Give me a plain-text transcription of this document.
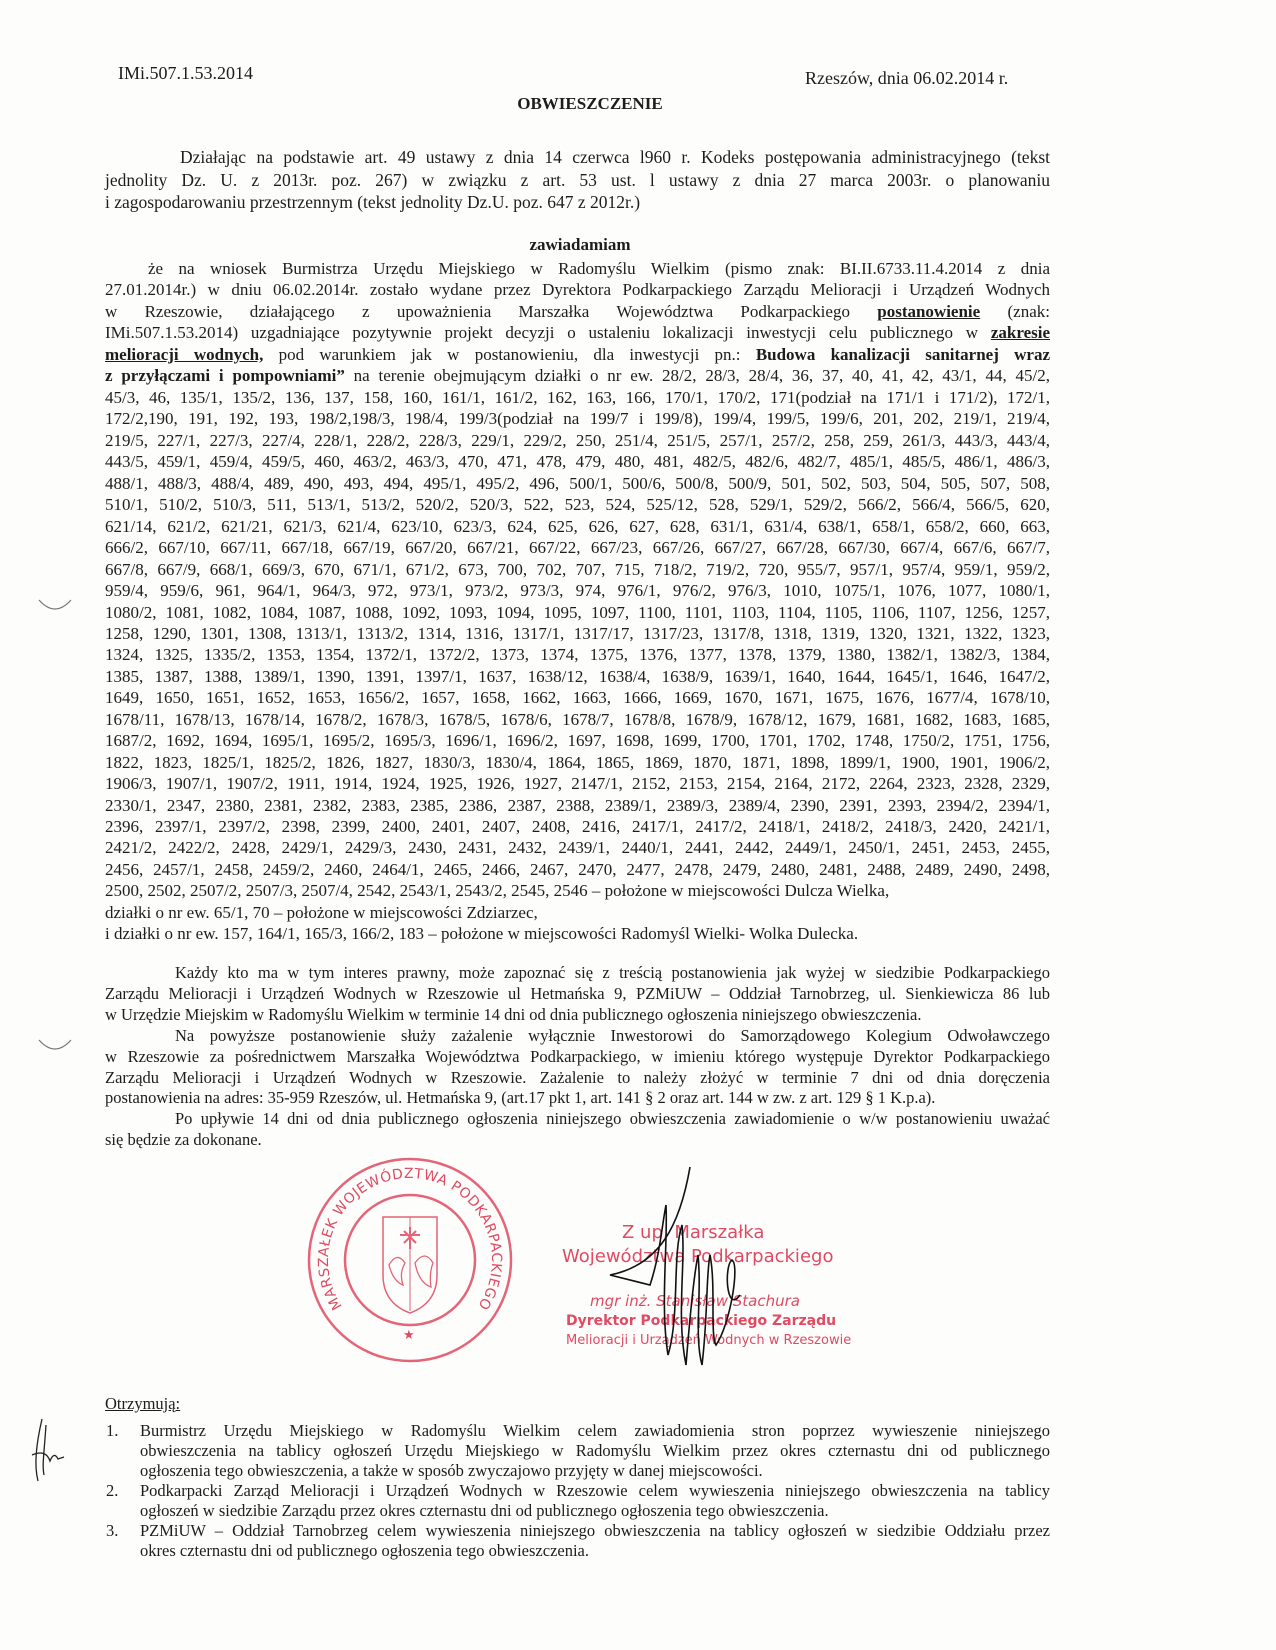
IMi.507.1.53.2014	Rzeszów, dnia 06.02.2014 r.
OBWIESZCZENIE
Działając na podstawie art. 49 ustawy z dnia 14 czerwca l960 r. Kodeks postępowania administracyjnego (tekst
jednolity Dz. U. z 2013r. poz. 267) w związku z art. 53 ust. l ustawy z dnia 27 marca 2003r. o planowaniu
i zagospodarowaniu przestrzennym (tekst jednolity Dz.U. poz. 647 z 2012r.)
zawiadamiam
że na wniosek Burmistrza Urzędu Miejskiego w Radomyślu Wielkim (pismo znak: BI.II.6733.11.4.2014 z dnia
27.01.2014r.) w dniu 06.02.2014r. zostało wydane przez Dyrektora Podkarpackiego Zarządu Melioracji i Urządzeń Wodnych
w Rzeszowie, działającego z upoważnienia Marszałka Województwa Podkarpackiego postanowienie (znak:
IMi.507.1.53.2014) uzgadniające pozytywnie projekt decyzji o ustaleniu lokalizacji inwestycji celu publicznego w zakresie
melioracji wodnych, pod warunkiem jak w postanowieniu, dla inwestycji pn.: Budowa kanalizacji sanitarnej wraz
z przyłączami i pompowniami” na terenie obejmującym działki o nr ew. 28/2, 28/3, 28/4, 36, 37, 40, 41, 42, 43/1, 44, 45/2,
45/3, 46, 135/1, 135/2, 136, 137, 158, 160, 161/1, 161/2, 162, 163, 166, 170/1, 170/2, 171(podział na 171/1 i 171/2), 172/1,
172/2,190, 191, 192, 193, 198/2,198/3, 198/4, 199/3(podział na 199/7 i 199/8), 199/4, 199/5, 199/6, 201, 202, 219/1, 219/4,
219/5, 227/1, 227/3, 227/4, 228/1, 228/2, 228/3, 229/1, 229/2, 250, 251/4, 251/5, 257/1, 257/2, 258, 259, 261/3, 443/3, 443/4,
443/5, 459/1, 459/4, 459/5, 460, 463/2, 463/3, 470, 471, 478, 479, 480, 481, 482/5, 482/6, 482/7, 485/1, 485/5, 486/1, 486/3,
488/1, 488/3, 488/4, 489, 490, 493, 494, 495/1, 495/2, 496, 500/1, 500/6, 500/8, 500/9, 501, 502, 503, 504, 505, 507, 508,
510/1, 510/2, 510/3, 511, 513/1, 513/2, 520/2, 520/3, 522, 523, 524, 525/12, 528, 529/1, 529/2, 566/2, 566/4, 566/5, 620,
621/14, 621/2, 621/21, 621/3, 621/4, 623/10, 623/3, 624, 625, 626, 627, 628, 631/1, 631/4, 638/1, 658/1, 658/2, 660, 663,
666/2, 667/10, 667/11, 667/18, 667/19, 667/20, 667/21, 667/22, 667/23, 667/26, 667/27, 667/28, 667/30, 667/4, 667/6, 667/7,
667/8, 667/9, 668/1, 669/3, 670, 671/1, 671/2, 673, 700, 702, 707, 715, 718/2, 719/2, 720, 955/7, 957/1, 957/4, 959/1, 959/2,
959/4, 959/6, 961, 964/1, 964/3, 972, 973/1, 973/2, 973/3, 974, 976/1, 976/2, 976/3, 1010, 1075/1, 1076, 1077, 1080/1,
1080/2, 1081, 1082, 1084, 1087, 1088, 1092, 1093, 1094, 1095, 1097, 1100, 1101, 1103, 1104, 1105, 1106, 1107, 1256, 1257,
1258, 1290, 1301, 1308, 1313/1, 1313/2, 1314, 1316, 1317/1, 1317/17, 1317/23, 1317/8, 1318, 1319, 1320, 1321, 1322, 1323,
1324, 1325, 1335/2, 1353, 1354, 1372/1, 1372/2, 1373, 1374, 1375, 1376, 1377, 1378, 1379, 1380, 1382/1, 1382/3, 1384,
1385, 1387, 1388, 1389/1, 1390, 1391, 1397/1, 1637, 1638/12, 1638/4, 1638/9, 1639/1, 1640, 1644, 1645/1, 1646, 1647/2,
1649, 1650, 1651, 1652, 1653, 1656/2, 1657, 1658, 1662, 1663, 1666, 1669, 1670, 1671, 1675, 1676, 1677/4, 1678/10,
1678/11, 1678/13, 1678/14, 1678/2, 1678/3, 1678/5, 1678/6, 1678/7, 1678/8, 1678/9, 1678/12, 1679, 1681, 1682, 1683, 1685,
1687/2, 1692, 1694, 1695/1, 1695/2, 1695/3, 1696/1, 1696/2, 1697, 1698, 1699, 1700, 1701, 1702, 1748, 1750/2, 1751, 1756,
1822, 1823, 1825/1, 1825/2, 1826, 1827, 1830/3, 1830/4, 1864, 1865, 1869, 1870, 1871, 1898, 1899/1, 1900, 1901, 1906/2,
1906/3, 1907/1, 1907/2, 1911, 1914, 1924, 1925, 1926, 1927, 2147/1, 2152, 2153, 2154, 2164, 2172, 2264, 2323, 2328, 2329,
2330/1, 2347, 2380, 2381, 2382, 2383, 2385, 2386, 2387, 2388, 2389/1, 2389/3, 2389/4, 2390, 2391, 2393, 2394/2, 2394/1,
2396, 2397/1, 2397/2, 2398, 2399, 2400, 2401, 2407, 2408, 2416, 2417/1, 2417/2, 2418/1, 2418/2, 2418/3, 2420, 2421/1,
2421/2, 2422/2, 2428, 2429/1, 2429/3, 2430, 2431, 2432, 2439/1, 2440/1, 2441, 2442, 2449/1, 2450/1, 2451, 2453, 2455,
2456, 2457/1, 2458, 2459/2, 2460, 2464/1, 2465, 2466, 2467, 2470, 2477, 2478, 2479, 2480, 2481, 2488, 2489, 2490, 2498,
2500, 2502, 2507/2, 2507/3, 2507/4, 2542, 2543/1, 2543/2, 2545, 2546 – położone w miejscowości Dulcza Wielka,
działki o nr ew. 65/1, 70 – położone w miejscowości Zdziarzec,
i działki o nr ew. 157, 164/1, 165/3, 166/2, 183 – położone w miejscowości Radomyśl Wielki- Wolka Dulecka.
Każdy kto ma w tym interes prawny, może zapoznać się z treścią postanowienia jak wyżej w siedzibie Podkarpackiego
Zarządu Melioracji i Urządzeń Wodnych w Rzeszowie ul Hetmańska 9, PZMiUW – Oddział Tarnobrzeg, ul. Sienkiewicza 86 lub
w Urzędzie Miejskim w Radomyślu Wielkim w terminie 14 dni od dnia publicznego ogłoszenia niniejszego obwieszczenia.
Na powyższe postanowienie służy zażalenie wyłącznie Inwestorowi do Samorządowego Kolegium Odwoławczego
w Rzeszowie za pośrednictwem Marszałka Województwa Podkarpackiego, w imieniu którego występuje Dyrektor Podkarpackiego
Zarządu Melioracji i Urządzeń Wodnych w Rzeszowie. Zażalenie to należy złożyć w terminie 7 dni od dnia doręczenia
postanowienia na adres: 35-959 Rzeszów, ul. Hetmańska 9, (art.17 pkt 1, art. 141 § 2 oraz art. 144 w zw. z art. 129 § 1 K.p.a).
Po upływie 14 dni od dnia publicznego ogłoszenia niniejszego obwieszczenia zawiadomienie o w/w postanowieniu uważać
się będzie za dokonane.
MARSZAŁEK WOJEWÓDZTWA PODKARPACKIEGO
★
Z up. Marszałka
Województwa Podkarpackiego
mgr inż. Stanisław Stachura
Dyrektor Podkarpackiego Zarządu
Melioracji i Urządzeń Wodnych w Rzeszowie
Otrzymują:
1. Burmistrz Urzędu Miejskiego w Radomyślu Wielkim celem zawiadomienia stron poprzez wywieszenie niniejszego
obwieszczenia na tablicy ogłoszeń Urzędu Miejskiego w Radomyślu Wielkim przez okres czternastu dni od publicznego
ogłoszenia tego obwieszczenia, a także w sposób zwyczajowo przyjęty w danej miejscowości.
2. Podkarpacki Zarząd Melioracji i Urządzeń Wodnych w Rzeszowie celem wywieszenia niniejszego obwieszczenia na tablicy
ogłoszeń w siedzibie Zarządu przez okres czternastu dni od publicznego ogłoszenia tego obwieszczenia.
3. PZMiUW – Oddział Tarnobrzeg celem wywieszenia niniejszego obwieszczenia na tablicy ogłoszeń w siedzibie Oddziału przez
okres czternastu dni od publicznego ogłoszenia tego obwieszczenia.
